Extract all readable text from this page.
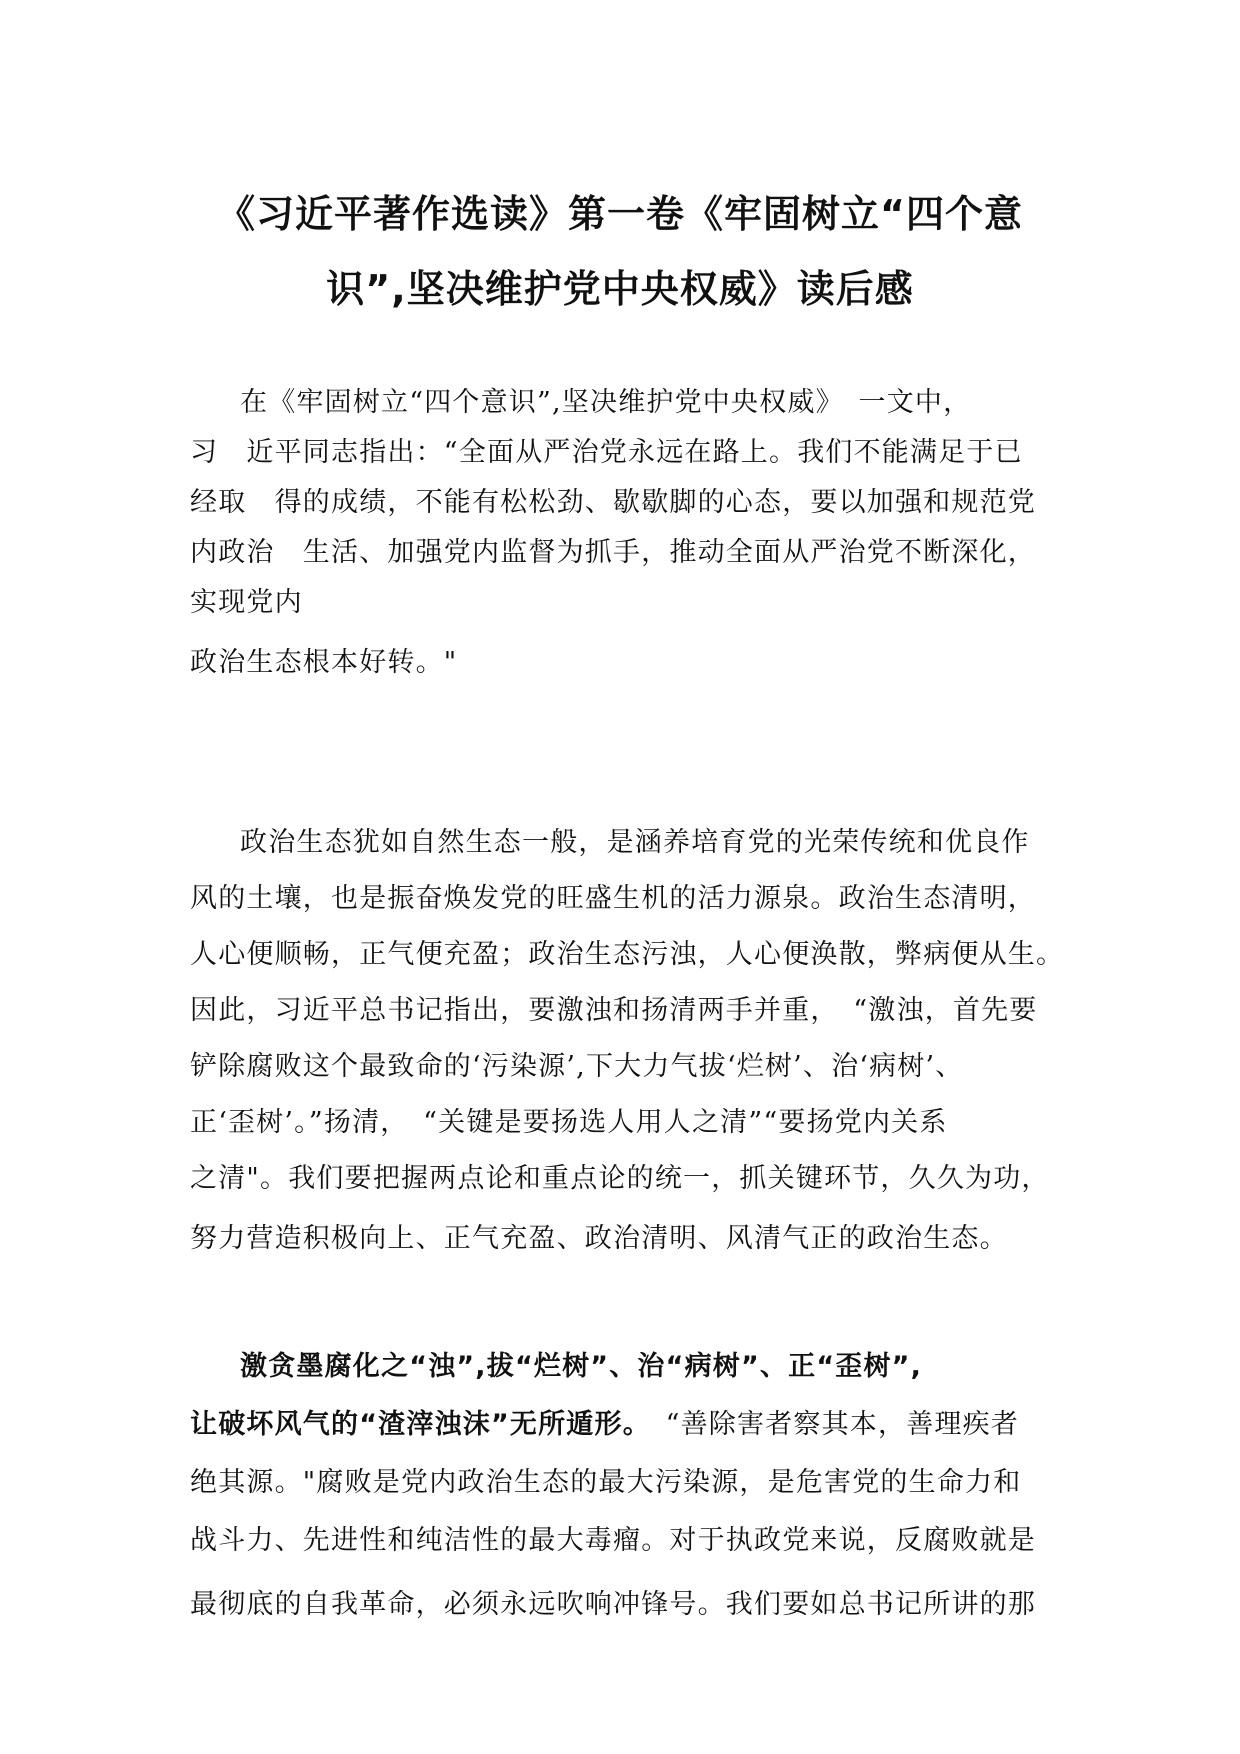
《习近平著作选读》第一卷《牢固树立“四个意
识”,坚决维护党中央权威》读后感
在《牢固树立“四个意识”,坚决维护党中央权威》　一文中，
习　近平同志指出：“全面从严治党永远在路上。我们不能满足于已
经取　得的成绩，不能有松松劲、歇歇脚的心态，要以加强和规范党
内政治　生活、加强党内监督为抓手，推动全面从严治党不断深化，
实现党内
政治生态根本好转。"
政治生态犹如自然生态一般，是涵养培育党的光荣传统和优良作
风的土壤，也是振奋焕发党的旺盛生机的活力源泉。政治生态清明，
人心便顺畅，正气便充盈；政治生态污浊，人心便涣散，弊病便从生。
因此，习近平总书记指出，要激浊和扬清两手并重，　“激浊，首先要
铲除腐败这个最致命的‘污染源’,下大力气拔‘烂树’、治‘病树’、
正‘歪树’。”扬清，　“关键是要扬选人用人之清”“要扬党内关系
之清"。我们要把握两点论和重点论的统一，抓关键环节，久久为功，
努力营造积极向上、正气充盈、政治清明、风清气正的政治生态。
激贪墨腐化之“浊”,拔“烂树”、治“病树”、正“歪树”,
让破坏风气的“渣滓浊沫”无所遁形。　“善除害者察其本，善理疾者
绝其源。"腐败是党内政治生态的最大污染源，是危害党的生命力和
战斗力、先进性和纯洁性的最大毒瘤。对于执政党来说，反腐败就是
最彻底的自我革命，必须永远吹响冲锋号。我们要如总书记所讲的那
